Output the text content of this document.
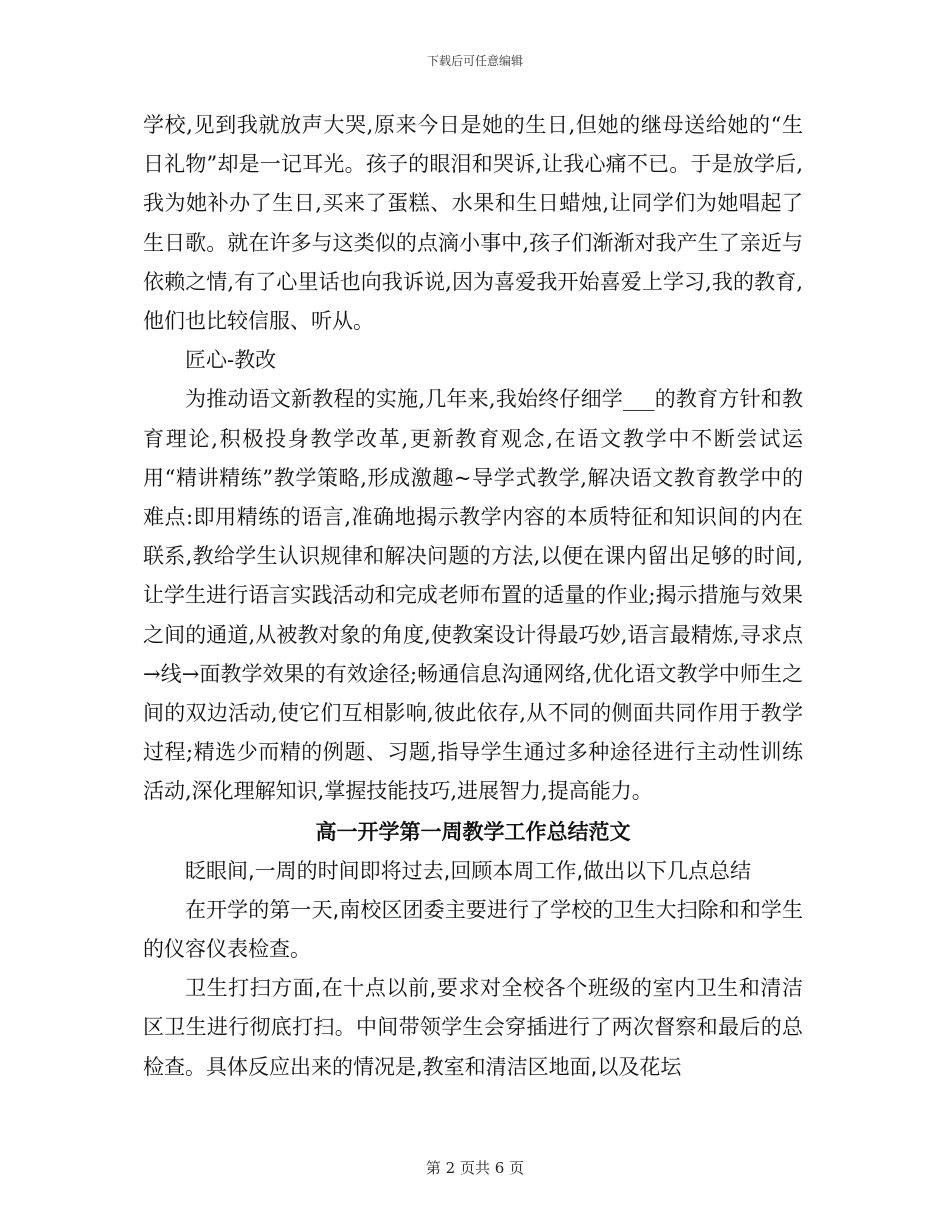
下载后可任意编辑

学校,见到我就放声大哭,原来今日是她的生日,但她的继母送给她的“生日礼物”却是一记耳光。孩子的眼泪和哭诉,让我心痛不已。于是放学后,我为她补办了生日,买来了蛋糕、水果和生日蜡烛,让同学们为她唱起了生日歌。就在许多与这类似的点滴小事中,孩子们渐渐对我产生了亲近与依赖之情,有了心里话也向我诉说,因为喜爱我开始喜爱上学习,我的教育,他们也比较信服、听从。

匠心-教改

为推动语文新教程的实施,几年来,我始终仔细学___的教育方针和教育理论,积极投身教学改革,更新教育观念,在语文教学中不断尝试运用“精讲精练”教学策略,形成激趣~导学式教学,解决语文教育教学中的难点:即用精练的语言,准确地揭示教学内容的本质特征和知识间的内在联系,教给学生认识规律和解决问题的方法,以便在课内留出足够的时间,让学生进行语言实践活动和完成老师布置的适量的作业;揭示措施与效果之间的通道,从被教对象的角度,使教案设计得最巧妙,语言最精炼,寻求点→线→面教学效果的有效途径;畅通信息沟通网络,优化语文教学中师生之间的双边活动,使它们互相影响,彼此依存,从不同的侧面共同作用于教学过程;精选少而精的例题、习题,指导学生通过多种途径进行主动性训练活动,深化理解知识,掌握技能技巧,进展智力,提高能力。

高一开学第一周教学工作总结范文

眨眼间,一周的时间即将过去,回顾本周工作,做出以下几点总结

在开学的第一天,南校区团委主要进行了学校的卫生大扫除和和学生的仪容仪表检查。

卫生打扫方面,在十点以前,要求对全校各个班级的室内卫生和清洁区卫生进行彻底打扫。中间带领学生会穿插进行了两次督察和最后的总检查。具体反应出来的情况是,教室和清洁区地面,以及花坛

第 2 页共 6 页
